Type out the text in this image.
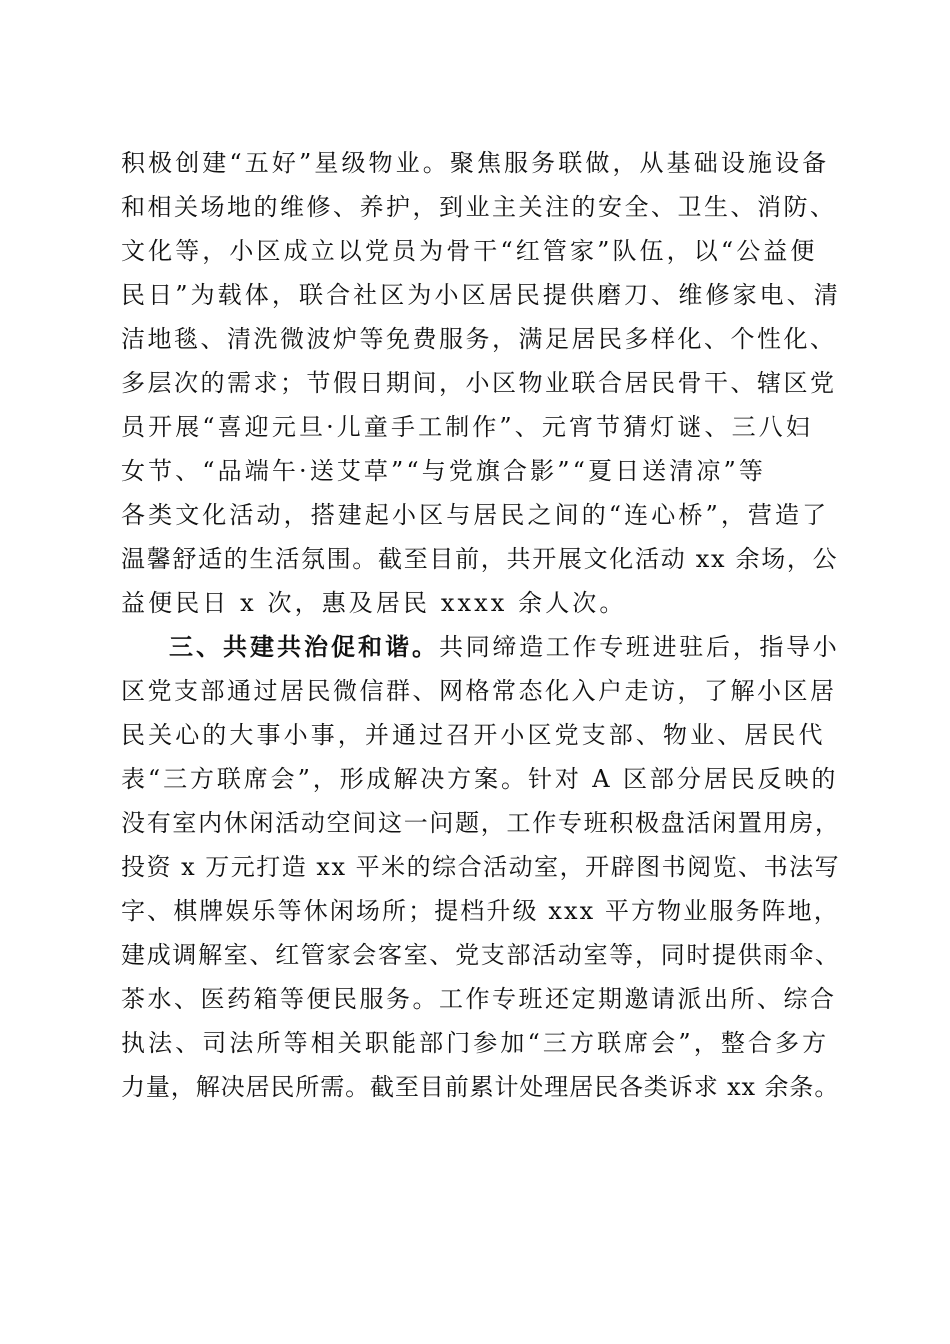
积极创建“五好”星级物业。聚焦服务联做，从基础设施设备
和相关场地的维修、养护，到业主关注的安全、卫生、消防、
文化等，小区成立以党员为骨干“红管家”队伍，以“公益便
民日”为载体，联合社区为小区居民提供磨刀、维修家电、清
洁地毯、清洗微波炉等免费服务，满足居民多样化、个性化、
多层次的需求；节假日期间，小区物业联合居民骨干、辖区党
员开展“喜迎元旦·儿童手工制作”、元宵节猜灯谜、三八妇
女节、“品端午·送艾草”“与党旗合影”“夏日送清凉”等
各类文化活动，搭建起小区与居民之间的“连心桥”，营造了
温馨舒适的生活氛围。截至目前，共开展文化活动 xx 余场，公
益便民日 x 次，惠及居民 xxxx 余人次。
三、共建共治促和谐。共同缔造工作专班进驻后，指导小
区党支部通过居民微信群、网格常态化入户走访，了解小区居
民关心的大事小事，并通过召开小区党支部、物业、居民代
表“三方联席会”，形成解决方案。针对 A 区部分居民反映的
没有室内休闲活动空间这一问题，工作专班积极盘活闲置用房，
投资 x 万元打造 xx 平米的综合活动室，开辟图书阅览、书法写
字、棋牌娱乐等休闲场所；提档升级 xxx 平方物业服务阵地，
建成调解室、红管家会客室、党支部活动室等，同时提供雨伞、
茶水、医药箱等便民服务。工作专班还定期邀请派出所、综合
执法、司法所等相关职能部门参加“三方联席会”，整合多方
力量，解决居民所需。截至目前累计处理居民各类诉求 xx 余条。
